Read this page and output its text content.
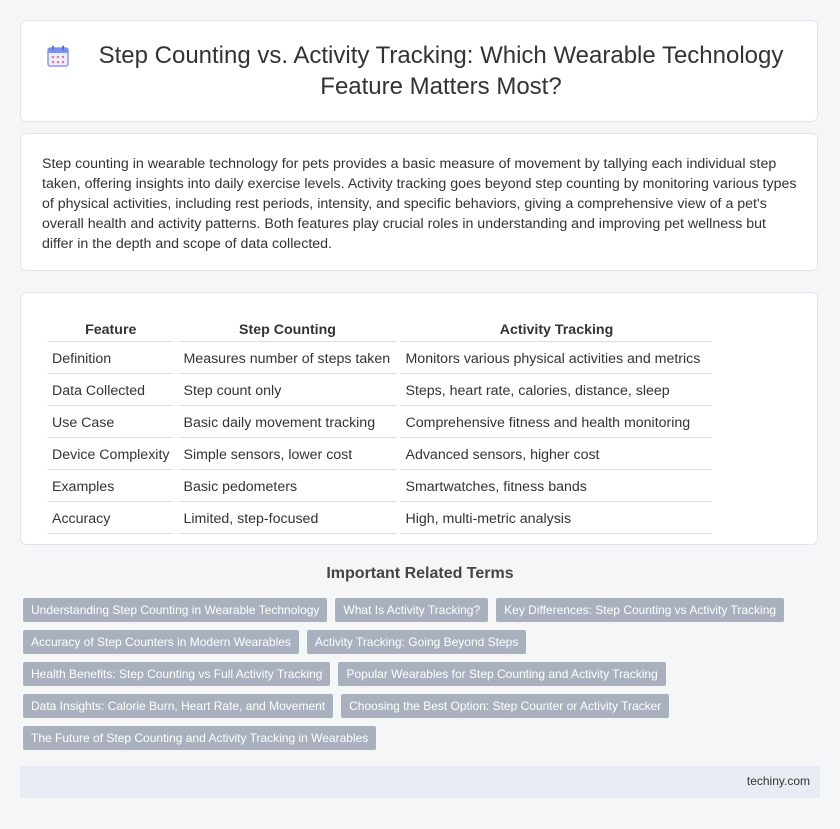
Step Counting vs. Activity Tracking: Which Wearable Technology Feature Matters Most?

Step counting in wearable technology for pets provides a basic measure of movement by tallying each individual step taken, offering insights into daily exercise levels. Activity tracking goes beyond step counting by monitoring various types of physical activities, including rest periods, intensity, and specific behaviors, giving a comprehensive view of a pet's overall health and activity patterns. Both features play crucial roles in understanding and improving pet wellness but differ in the depth and scope of data collected.

Feature	Step Counting	Activity Tracking
Definition	Measures number of steps taken	Monitors various physical activities and metrics
Data Collected	Step count only	Steps, heart rate, calories, distance, sleep
Use Case	Basic daily movement tracking	Comprehensive fitness and health monitoring
Device Complexity	Simple sensors, lower cost	Advanced sensors, higher cost
Examples	Basic pedometers	Smartwatches, fitness bands
Accuracy	Limited, step-focused	High, multi-metric analysis
Important Related Terms
Understanding Step Counting in Wearable Technology	What Is Activity Tracking?	Key Differences: Step Counting vs Activity Tracking
Accuracy of Step Counters in Modern Wearables	Activity Tracking: Going Beyond Steps
Health Benefits: Step Counting vs Full Activity Tracking	Popular Wearables for Step Counting and Activity Tracking
Data Insights: Calorie Burn, Heart Rate, and Movement	Choosing the Best Option: Step Counter or Activity Tracker
The Future of Step Counting and Activity Tracking in Wearables
techiny.com
